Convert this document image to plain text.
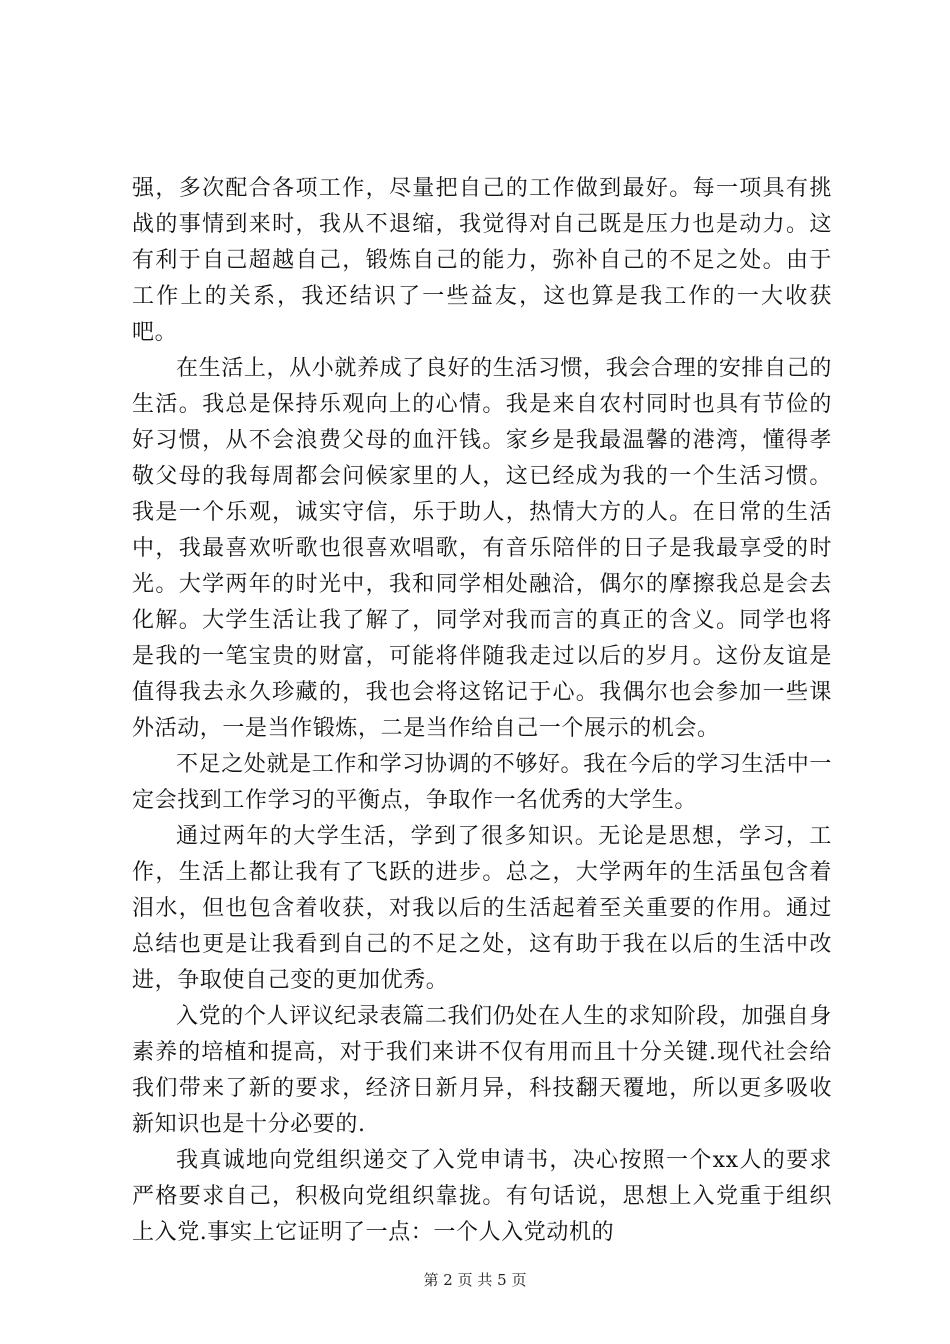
强，多次配合各项工作，尽量把自己的工作做到最好。每一项具有挑战的事情到来时，我从不退缩，我觉得对自己既是压力也是动力。这有利于自己超越自己，锻炼自己的能力，弥补自己的不足之处。由于工作上的关系，我还结识了一些益友，这也算是我工作的一大收获吧。

在生活上，从小就养成了良好的生活习惯，我会合理的安排自己的生活。我总是保持乐观向上的心情。我是来自农村同时也具有节俭的好习惯，从不会浪费父母的血汗钱。家乡是我最温馨的港湾，懂得孝敬父母的我每周都会问候家里的人，这已经成为我的一个生活习惯。我是一个乐观，诚实守信，乐于助人，热情大方的人。在日常的生活中，我最喜欢听歌也很喜欢唱歌，有音乐陪伴的日子是我最享受的时光。大学两年的时光中，我和同学相处融洽，偶尔的摩擦我总是会去化解。大学生活让我了解了，同学对我而言的真正的含义。同学也将是我的一笔宝贵的财富，可能将伴随我走过以后的岁月。这份友谊是值得我去永久珍藏的，我也会将这铭记于心。我偶尔也会参加一些课外活动，一是当作锻炼，二是当作给自己一个展示的机会。

不足之处就是工作和学习协调的不够好。我在今后的学习生活中一定会找到工作学习的平衡点，争取作一名优秀的大学生。

通过两年的大学生活，学到了很多知识。无论是思想，学习，工作，生活上都让我有了飞跃的进步。总之，大学两年的生活虽包含着泪水，但也包含着收获，对我以后的生活起着至关重要的作用。通过总结也更是让我看到自己的不足之处，这有助于我在以后的生活中改进，争取使自己变的更加优秀。

入党的个人评议纪录表篇二我们仍处在人生的求知阶段，加强自身素养的培植和提高，对于我们来讲不仅有用而且十分关键.现代社会给我们带来了新的要求，经济日新月异，科技翻天覆地，所以更多吸收新知识也是十分必要的.

我真诚地向党组织递交了入党申请书，决心按照一个xx人的要求严格要求自己，积极向党组织靠拢。有句话说，思想上入党重于组织上入党.事实上它证明了一点：一个人入党动机的

第 2 页 共 5 页
